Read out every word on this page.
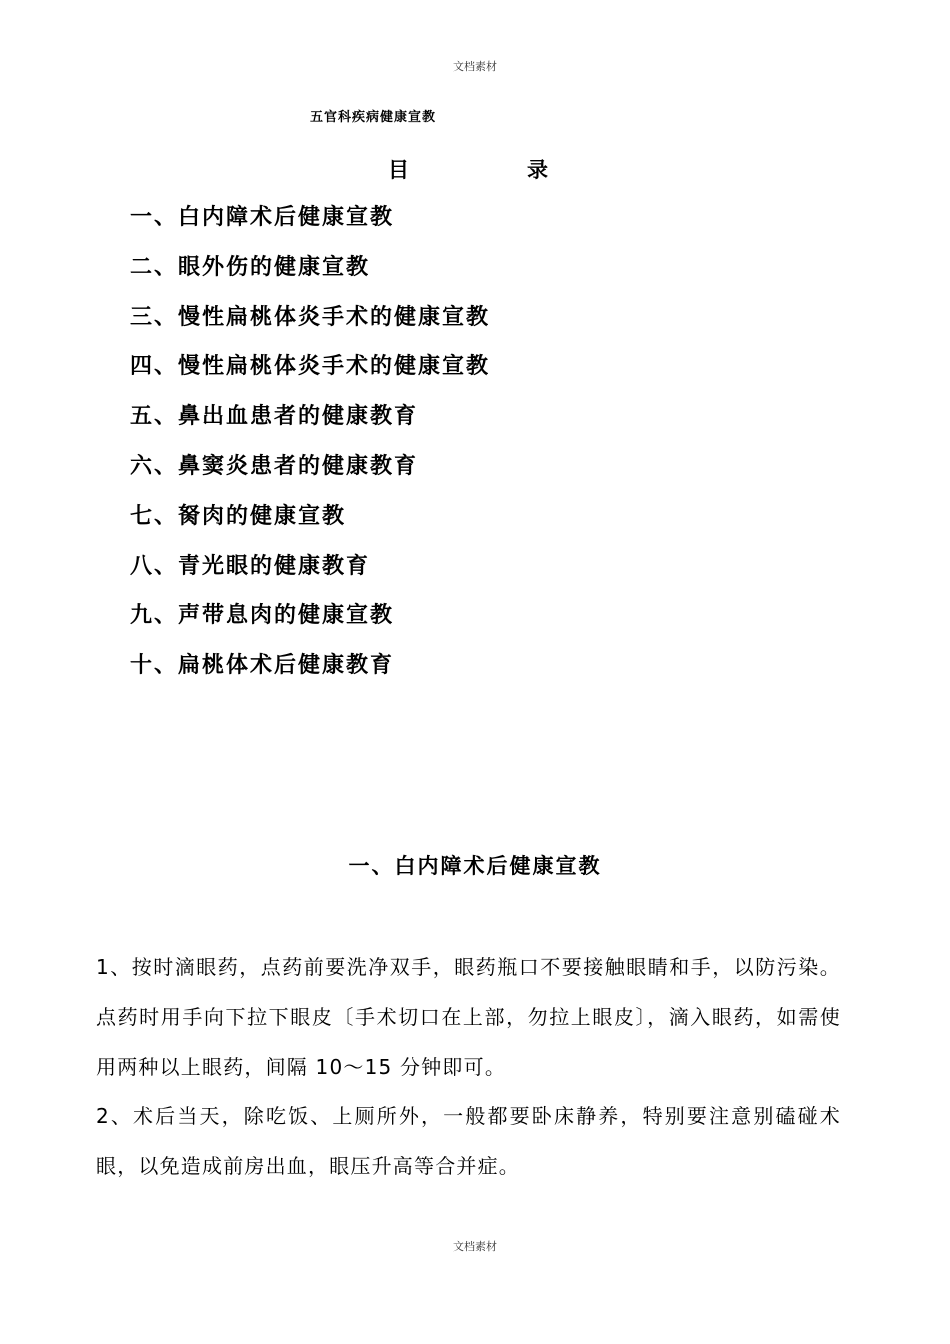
文档素材
五官科疾病健康宣教
目	录
一、白内障术后健康宣教
二、眼外伤的健康宣教
三、慢性扁桃体炎手术的健康宣教
四、慢性扁桃体炎手术的健康宣教
五、鼻出血患者的健康教育
六、鼻窦炎患者的健康教育
七、胬肉的健康宣教
八、青光眼的健康教育
九、声带息肉的健康宣教
十、扁桃体术后健康教育
一、白内障术后健康宣教

1、按时滴眼药，点药前要洗净双手，眼药瓶口不要接触眼睛和手，以防污染。点药时用手向下拉下眼皮〔手术切口在上部，勿拉上眼皮〕，滴入眼药，如需使用两种以上眼药，间隔 10～15 分钟即可。

2、术后当天，除吃饭、上厕所外，一般都要卧床静养，特别要注意别磕碰术眼，以免造成前房出血，眼压升高等合并症。

文档素材
